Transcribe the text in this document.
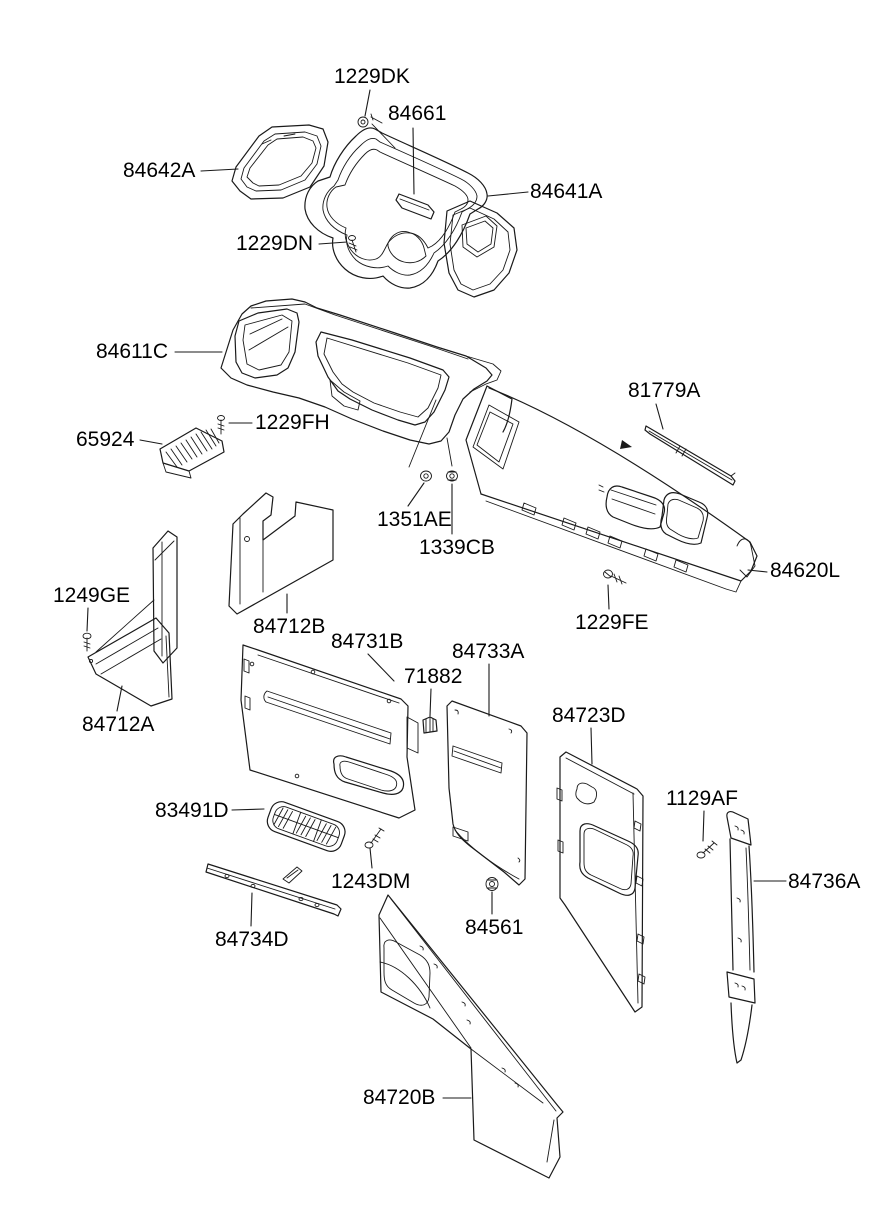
1229DK
84661
84642A
84641A
1229DN
84611C
1229FH
65924
81779A
1351AE
1339CB
84620L
1229FE
1249GE
84712B
84731B
71882
84733A
84723D
84712A
83491D
1243DM
84734D
84561
1129AF
84736A
84720B
